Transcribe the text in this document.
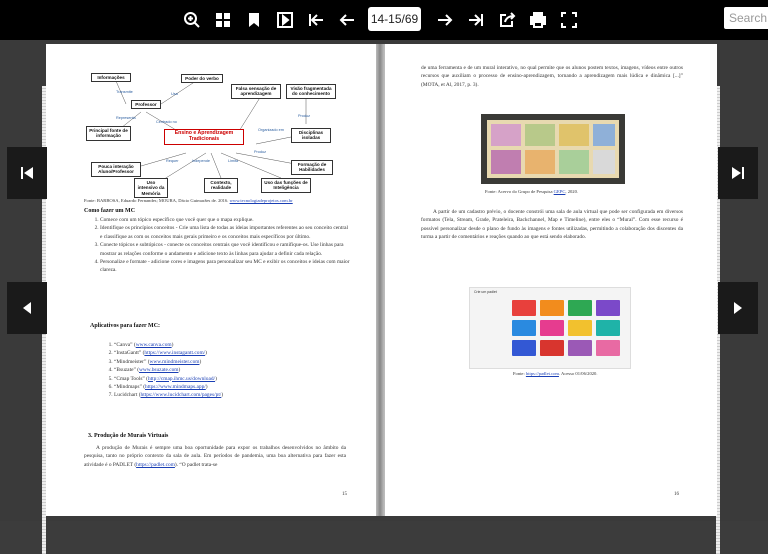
14-15/69	Search
Informações	Poder do verbo
Professor
Falsa sensação de aprendizagem
Visão fragmentada do conhecimento
Principal fonte de informação	Ensino e Aprendizagem Tradicionais
Disciplinas isoladas
Pouca interação Aluno/Professor
Formação de Habilidades
Uso intensivo da Memória
Contexto, realidade
Uso das funções de Inteligência
Transmite	Usa
Representa
Centrado no
Organizado em
Produz
Requer	Independe	Limita
Produz
Fonte: BARBOSA, Eduardo Fernandes; MOURA, Dácio Guimarães de. 2016. www.tecnologiadeprojetos.com.br
Como fazer um MC
1. Comece com um tópico específico que você quer que o mapa explique.
2. Identifique os princípios conceitos - Crie uma lista de todas as ideias importantes referentes ao seu conceito central e classifique as com os conceitos mais gerais primeiro e os conceitos mais específicos por último.
3. Conecte tópicos e subtópicos - conecte os conceitos centrais que você identificou e ramifique-os. Use linhas para mostrar as relações conforme o andamento e adicione texto às linhas para ajudar a definir cada relação.
4. Personalize e formate - adicione cores e imagens para personalizar seu MC e exibir os conceitos e ideias com maior clareza.
Aplicativos para fazer MC:
1. “Canva” (www.canva.com)
2. “InstaGantt” (https://www.instagantt.com/)
3. “Mindmeister” (www.mindmeister.com)
4. “Bsuzate” (www.bsuzate.com)
5. “Cmap Tools” (http://cmap.ihmc.us/download/)
6. “Mindmaps” (https://www.mindmaps.app/)
7. Lucidchart (https://www.lucidchart.com/pages/pt/)
3. Produção de Murais Virtuais
A produção de Murais é sempre uma boa oportunidade para expor os trabalhos desenvolvidos no âmbito da pesquisa, tanto no próprio contexto da sala de aula. Em períodos de pandemia, uma boa alternativa para fazer esta atividade é o PADLET (https://padlet.com). “O padlet trata-se
15
de uma ferramenta e de um mural interativo, no qual permite que os alunos postem textos, imagens, vídeos entre outros recursos que auxiliam o processo de ensino-aprendizagem, tornando a aprendizagem mais lúdica e dinâmica [...]” (MOTA, et Al, 2017, p. 3).
Fonte: Acervo do Grupo de Pesquisa GEPC, 2020.
A partir de um cadastro prévio, o docente constrói uma sala de aula virtual que pode ser configurada em diversos formatos (Tela, Stream, Grade, Prateleira, Backchannel, Map e Timeline), entre eles o “Mural”. Com esse recurso é possível personalizar desde o plano de fundo às imagens e fontes utilizadas, permitindo a colaboração dos discentes da turma a partir de comentários e reações quando ao que está sendo elaborado.
Crie um padlet
Fonte: https://padlet.com. Acesso 01/06/2020.
16
